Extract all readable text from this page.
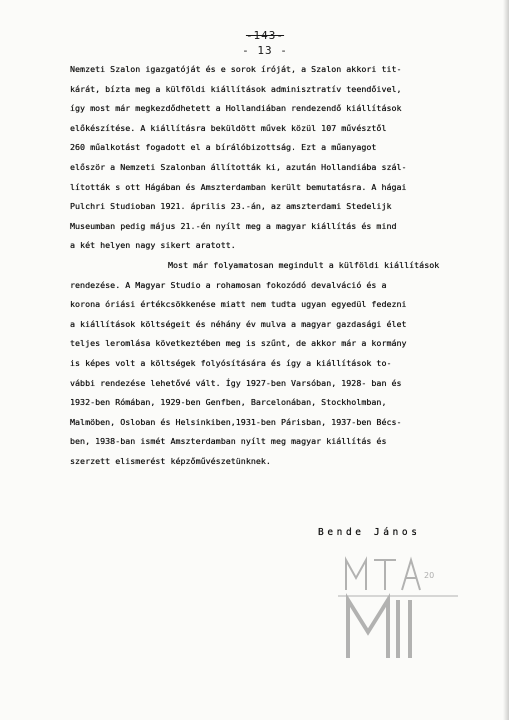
-143-
- 13 -
Nemzeti Szalon igazgatóját és e sorok íróját, a Szalon akkori tit-
kárát, bízta meg a külföldi kiállítások adminisztratív teendőivel,
így most már megkezdődhetett a Hollandiában rendezendő kiállítások
előkészítése. A kiállításra beküldött művek közül 107 művésztől
260 műalkotást fogadott el a bírálóbizottság. Ezt a műanyagot
először a Nemzeti Szalonban állították ki, azután Hollandiába szál-
lították s ott Hágában és Amszterdamban került bemutatásra. A hágai
Pulchri Studioban 1921. április 23.-án, az amszterdami Stedelijk
Museumban pedig május 21.-én nyílt meg a magyar kiállítás és mind
a két helyen nagy sikert aratott.
Most már folyamatosan megindult a külföldi kiállítások
rendezése. A Magyar Studio a rohamosan fokozódó devalváció és a
korona óriási értékcsökkenése miatt nem tudta ugyan egyedül fedezni
a kiállítások költségeit és néhány év mulva a magyar gazdasági élet
teljes leromlása következtében meg is szűnt, de akkor már a kormány
is képes volt a költségek folyósítására és így a kiállítások to-
vábbi rendezése lehetővé vált. Így 1927-ben Varsóban, 1928- ban és
1932-ben Rómában, 1929-ben Genfben, Barcelonában, Stockholmban,
Malmöben, Osloban és Helsinkiben,1931-ben Párisban, 1937-ben Bécs-
ben, 1938-ban ismét Amszterdamban nyílt meg magyar kiállítás és
szerzett elismerést képzőművészetünknek.
Bende János
20
